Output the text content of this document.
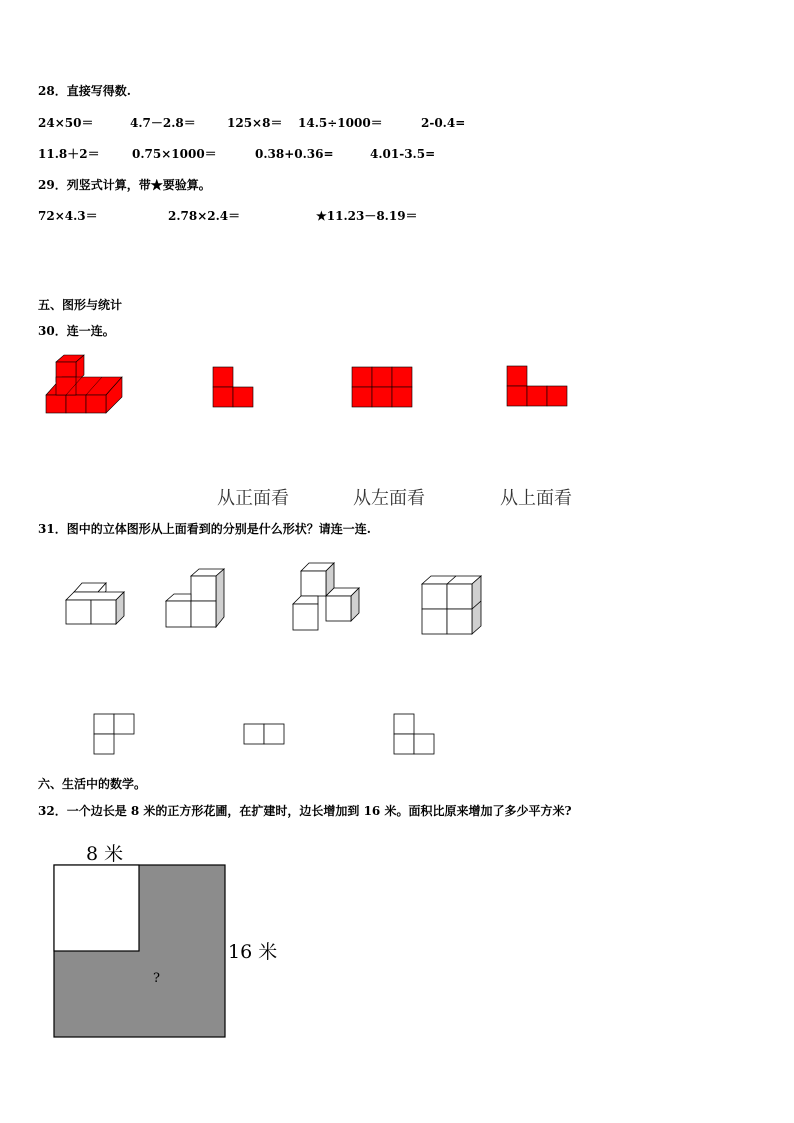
28．直接写得数.
24×50＝	4.7－2.8＝	125×8＝ 14.5÷1000＝	2-0.4=
11.8＋2＝	0.75×1000＝	0.38+0.36=	4.01-3.5=
29．列竖式计算，带★要验算。
72×4.3＝	2.78×2.4＝	★11.23－8.19＝
五、图形与统计
30．连一连。
从正面看	从左面看	从上面看
31．图中的立体图形从上面看到的分别是什么形状？请连一连.
六、生活中的数学。
32．一个边长是 8 米的正方形花圃，在扩建时，边长增加到 16 米。面积比原来增加了多少平方米?
8 米
16 米
?
